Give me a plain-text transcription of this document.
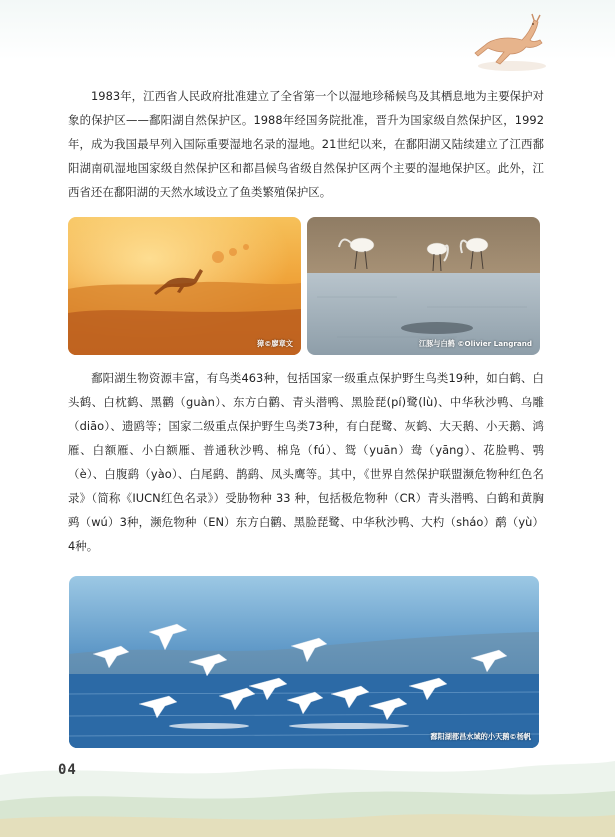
1983年，江西省人民政府批准建立了全省第一个以湿地珍稀候鸟及其栖息地为主要保护对象的保护区——鄱阳湖自然保护区。1988年经国务院批准，晋升为国家级自然保护区，1992年，成为我国最早列入国际重要湿地名录的湿地。21世纪以来，在鄱阳湖又陆续建立了江西鄱阳湖南矶湿地国家级自然保护区和都昌候鸟省级自然保护区两个主要的湿地保护区。此外，江西省还在鄱阳湖的天然水域设立了鱼类繁殖保护区。

獐©廖章文	江豚与白鹤 ©Olivier Langrand

鄱阳湖生物资源丰富，有鸟类463种，包括国家一级重点保护野生鸟类19种，如白鹤、白头鹤、白枕鹤、黑鹳（guàn）、东方白鹳、青头潜鸭、黑脸琵(pí)鹭(lù)、中华秋沙鸭、乌雕（diāo）、遗鸥等；国家二级重点保护野生鸟类73种，有白琵鹭、灰鹤、大天鹅、小天鹅、鸿雁、白额雁、小白额雁、普通秋沙鸭、棉凫（fú）、鸳（yuān）鸯（yāng）、花脸鸭、鹗（è）、白腹鹞（yào）、白尾鹞、鹊鹞、凤头鹰等。其中，《世界自然保护联盟濒危物种红色名录》（简称《IUCN红色名录》）受胁物种 33 种，包括极危物种（CR）青头潜鸭、白鹤和黄胸鹀（wú）3种，濒危物种（EN）东方白鹳、黑脸琵鹭、中华秋沙鸭、大杓（sháo）鹬（yù）4种。

鄱阳湖都昌水域的小天鹅©杨帆
04
